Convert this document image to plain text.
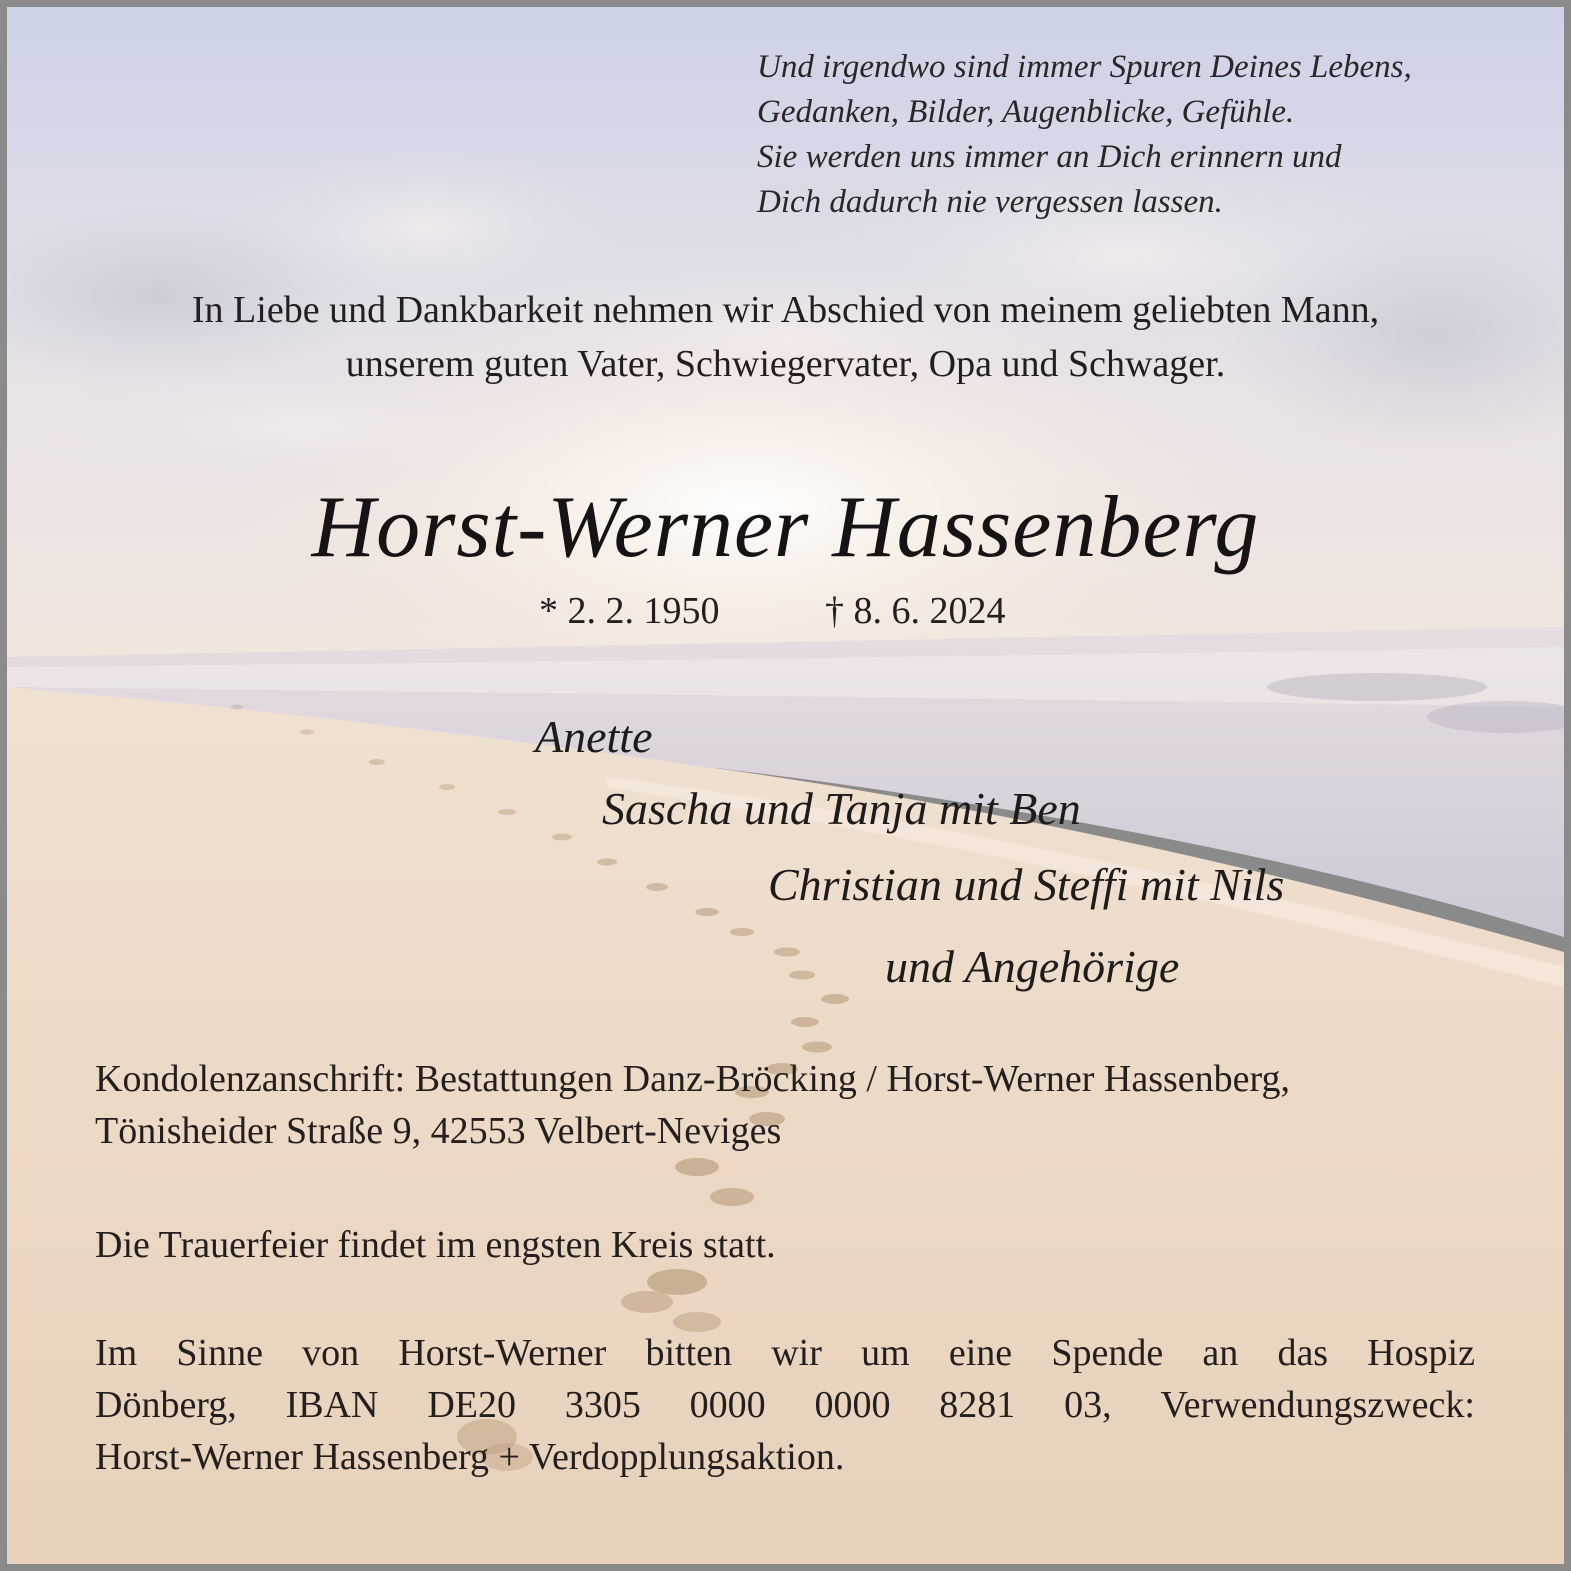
Und irgendwo sind immer Spuren Deines Lebens,
Gedanken, Bilder, Augenblicke, Gefühle.
Sie werden uns immer an Dich erinnern und
Dich dadurch nie vergessen lassen.
In Liebe und Dankbarkeit nehmen wir Abschied von meinem geliebten Mann,
unserem guten Vater, Schwiegervater, Opa und Schwager.
Horst-Werner Hassenberg
* 2. 2. 1950	† 8. 6. 2024
Anette
Sascha und Tanja mit Ben
Christian und Steffi mit Nils
und Angehörige
Kondolenzanschrift: Bestattungen Danz-Bröcking / Horst-Werner Hassenberg,
Tönisheider Straße 9, 42553 Velbert-Neviges
Die Trauerfeier findet im engsten Kreis statt.
Im Sinne von Horst-Werner bitten wir um eine Spende an das Hospiz
Dönberg, IBAN DE20 3305 0000 0000 8281 03, Verwendungszweck:
Horst-Werner Hassenberg + Verdopplungsaktion.
